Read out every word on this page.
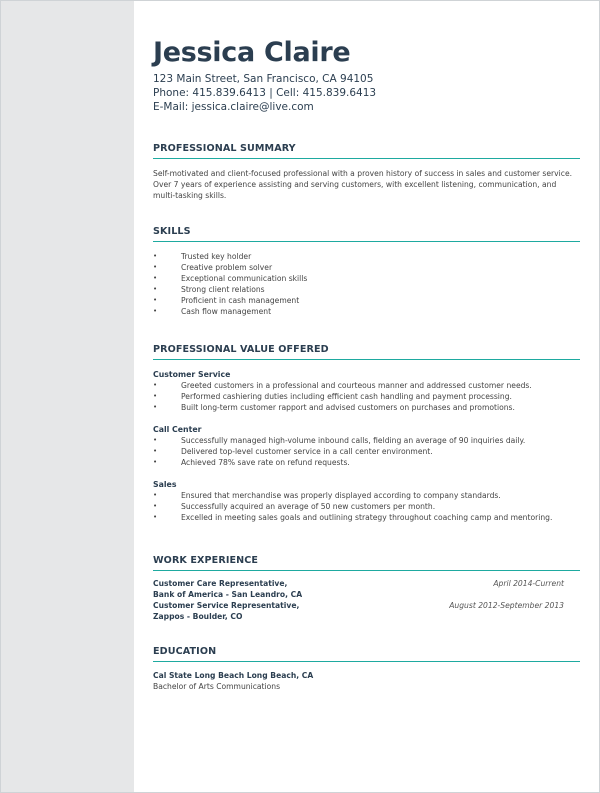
Jessica Claire
123 Main Street, San Francisco, CA 94105
Phone: 415.839.6413 | Cell: 415.839.6413
E-Mail: jessica.claire@live.com
PROFESSIONAL SUMMARY
Self-motivated and client-focused professional with a proven history of success in sales and customer service. Over 7 years of experience assisting and serving customers, with excellent listening, communication, and multi-tasking skills.
SKILLS
• Trusted key holder
• Creative problem solver
• Exceptional communication skills
• Strong client relations
• Proficient in cash management
• Cash flow management
PROFESSIONAL VALUE OFFERED
Customer Service
• Greeted customers in a professional and courteous manner and addressed customer needs.
• Performed cashiering duties including efficient cash handling and payment processing.
• Built long-term customer rapport and advised customers on purchases and promotions.
Call Center
• Successfully managed high-volume inbound calls, fielding an average of 90 inquiries daily.
• Delivered top-level customer service in a call center environment.
• Achieved 78% save rate on refund requests.
Sales
• Ensured that merchandise was properly displayed according to company standards.
• Successfully acquired an average of 50 new customers per month.
• Excelled in meeting sales goals and outlining strategy throughout coaching camp and mentoring.
WORK EXPERIENCE
Customer Care Representative,	April 2014-Current
Bank of America - San Leandro, CA
Customer Service Representative,	August 2012-September 2013
Zappos - Boulder, CO
EDUCATION
Cal State Long Beach Long Beach, CA
Bachelor of Arts Communications
